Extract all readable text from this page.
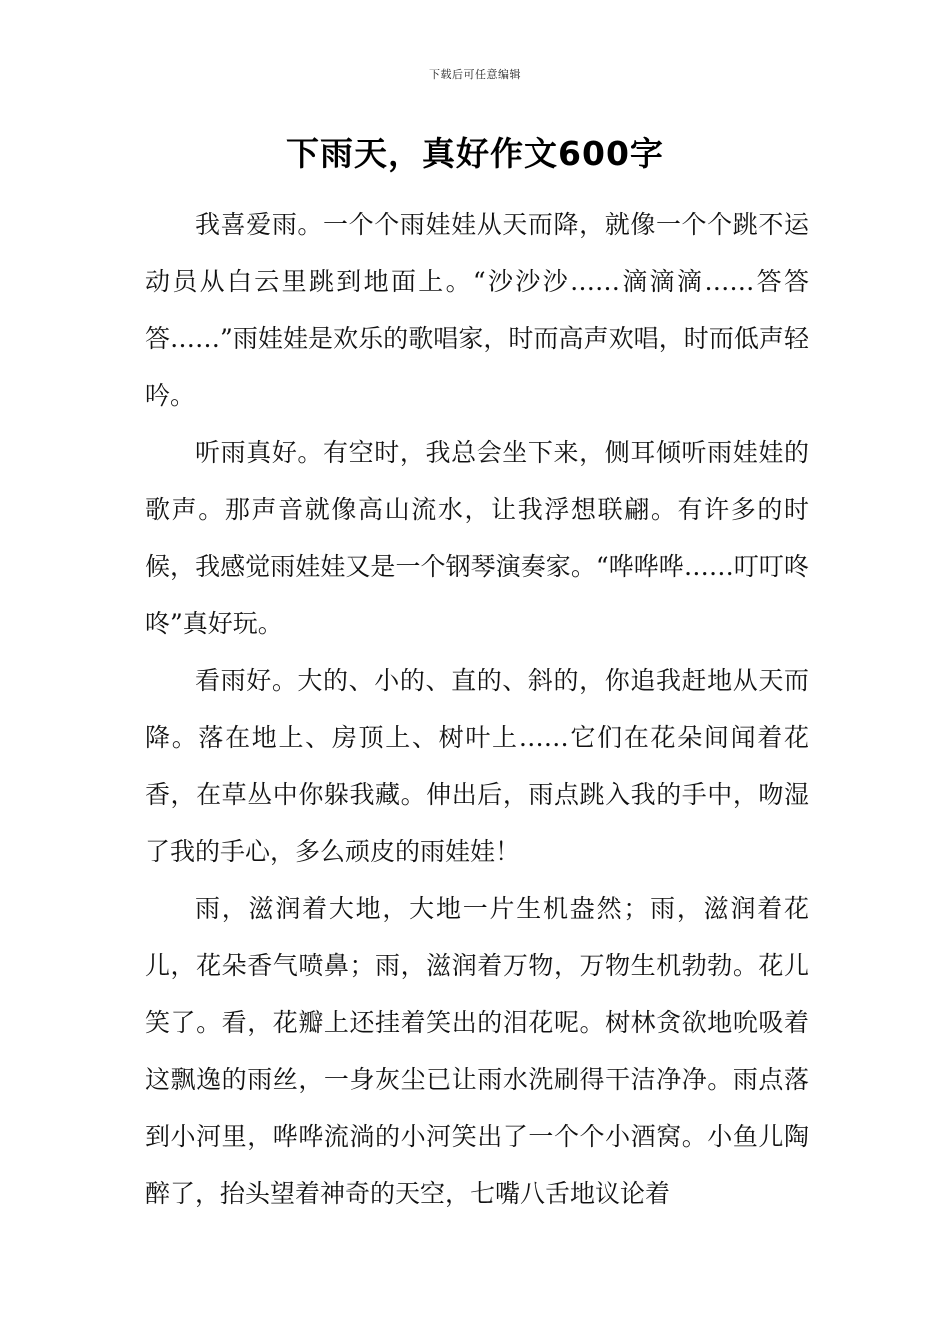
下载后可任意编辑
下雨天，真好作文600字

我喜爱雨。一个个雨娃娃从天而降，就像一个个跳不运动员从白云里跳到地面上。“沙沙沙……滴滴滴……答答答……”雨娃娃是欢乐的歌唱家，时而高声欢唱，时而低声轻吟。

听雨真好。有空时，我总会坐下来，侧耳倾听雨娃娃的歌声。那声音就像高山流水，让我浮想联翩。有许多的时候，我感觉雨娃娃又是一个钢琴演奏家。“哗哗哗……叮叮咚咚”真好玩。

看雨好。大的、小的、直的、斜的，你追我赶地从天而降。落在地上、房顶上、树叶上……它们在花朵间闻着花香，在草丛中你躲我藏。伸出后，雨点跳入我的手中，吻湿了我的手心，多么顽皮的雨娃娃！

雨，滋润着大地，大地一片生机盎然；雨，滋润着花儿，花朵香气喷鼻；雨，滋润着万物，万物生机勃勃。花儿笑了。看，花瓣上还挂着笑出的泪花呢。树林贪欲地吮吸着这飘逸的雨丝，一身灰尘已让雨水洗刷得干洁净净。雨点落到小河里，哗哗流淌的小河笑出了一个个小酒窝。小鱼儿陶醉了，抬头望着神奇的天空，七嘴八舌地议论着
